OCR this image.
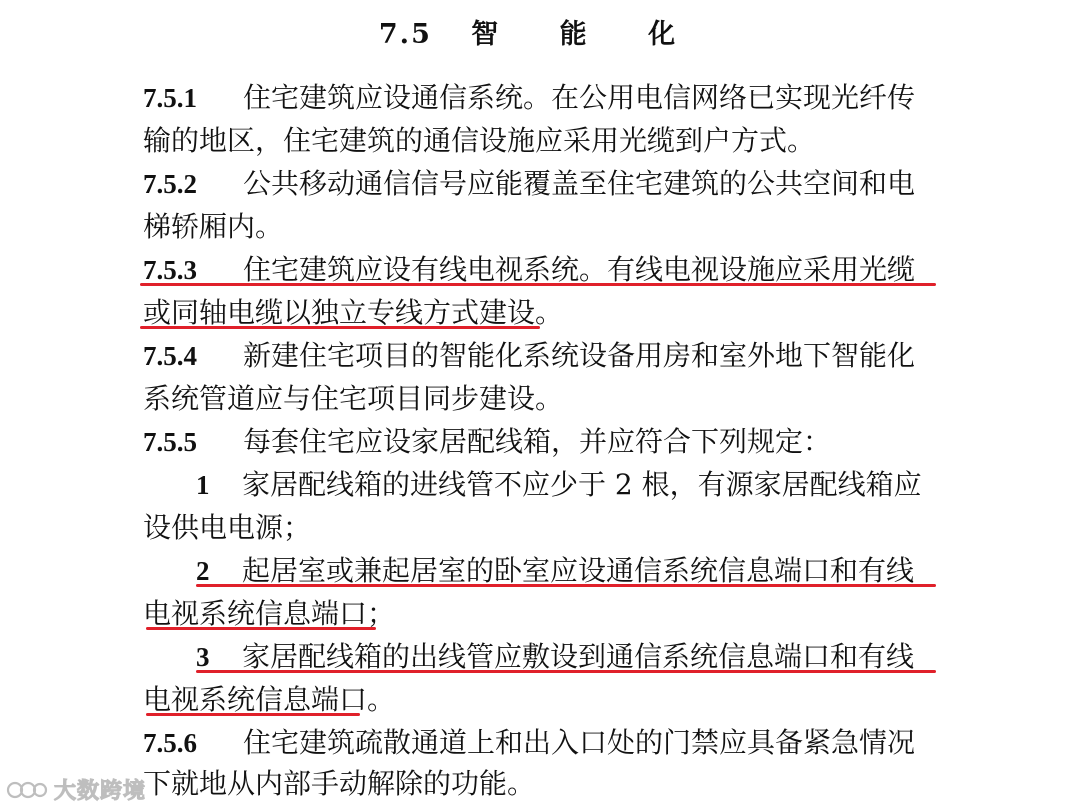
7.5 智 能 化
7.5.1 住宅建筑应设通信系统。在公用电信网络已实现光纤传
输的地区，住宅建筑的通信设施应采用光缆到户方式。
7.5.2 公共移动通信信号应能覆盖至住宅建筑的公共空间和电
梯轿厢内。
7.5.3 住宅建筑应设有线电视系统。有线电视设施应采用光缆
或同轴电缆以独立专线方式建设。
7.5.4 新建住宅项目的智能化系统设备用房和室外地下智能化
系统管道应与住宅项目同步建设。
7.5.5 每套住宅应设家居配线箱，并应符合下列规定：
1 家居配线箱的进线管不应少于 2 根，有源家居配线箱应
设供电电源；
2 起居室或兼起居室的卧室应设通信系统信息端口和有线
电视系统信息端口；
3 家居配线箱的出线管应敷设到通信系统信息端口和有线
电视系统信息端口。
7.5.6 住宅建筑疏散通道上和出入口处的门禁应具备紧急情况
下就地从内部手动解除的功能。
大数跨境
